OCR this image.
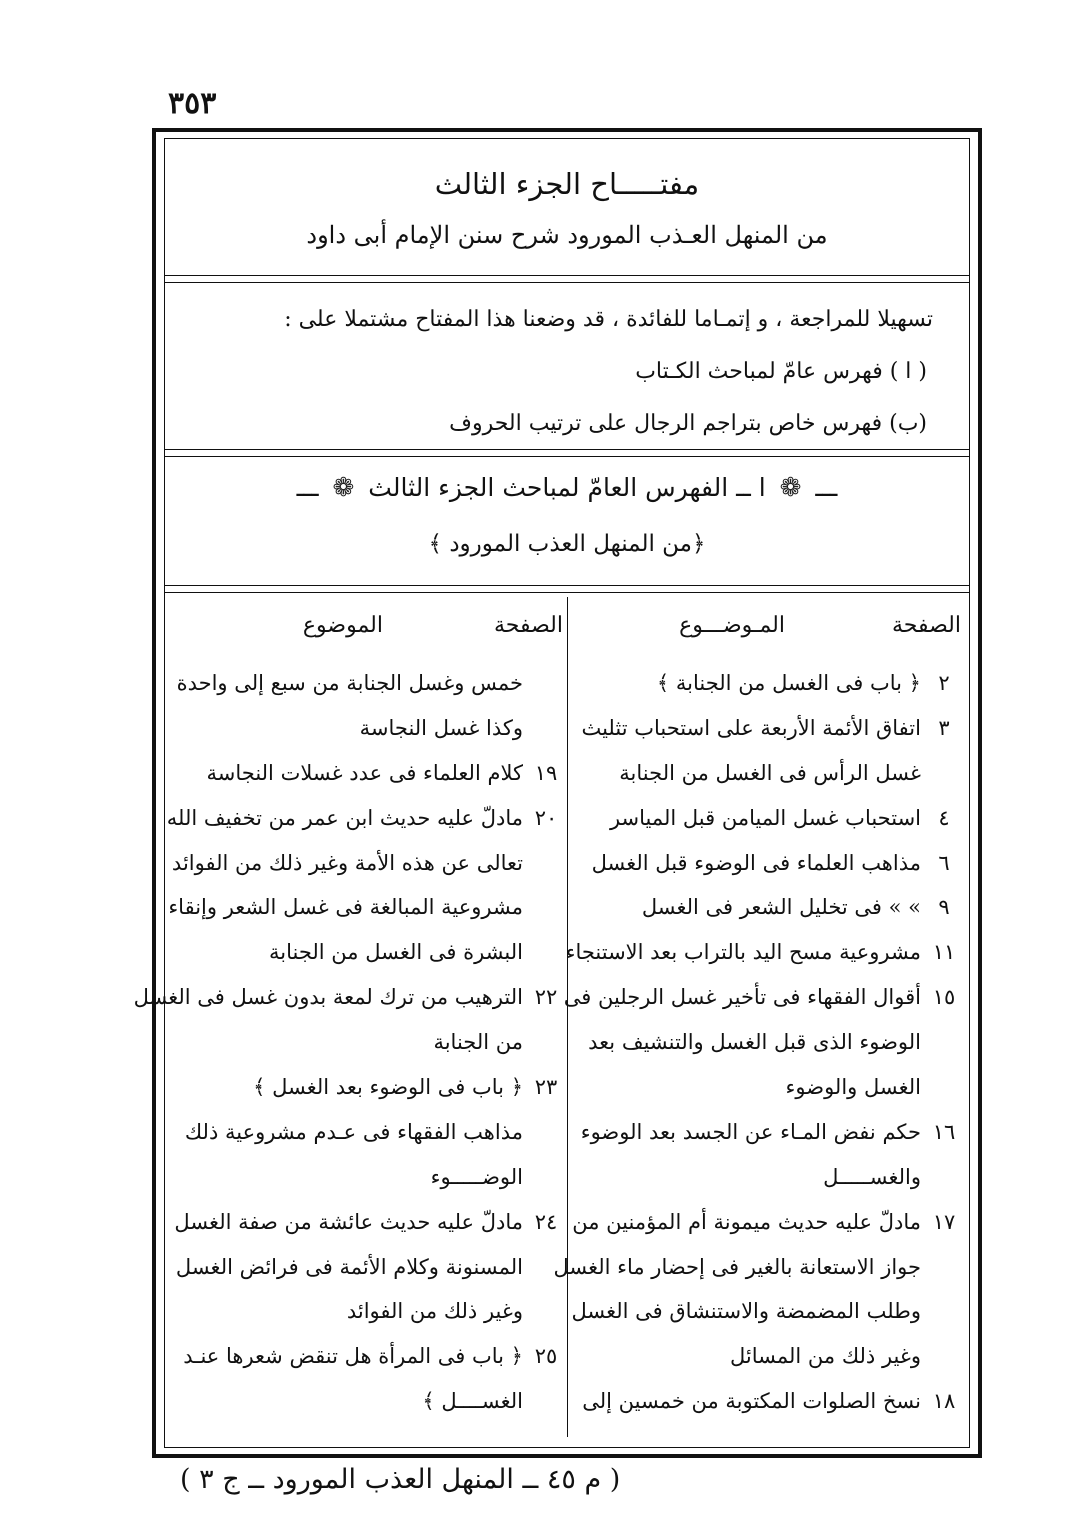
٣٥٣
مفتـــــاح الجزء الثالث
من المنهل العـذب المورود شرح سنن الإمام أبى داود
تسهيلا للمراجعة ، و إتمـاما للفائدة ، قد وضعنا هذا المفتاح مشتملا على :
( ا ) فهرس عامّ لمباحث الكـتاب
(ب) فهرس خاص بتراجم الرجال على ترتيب الحروف
ـــ ❁ ا ــ الفهرس العامّ لمباحث الجزء الثالث ❁ ـــ
﴿من المنهل العذب المورود ﴾
الصفحة
المـوضـــوع
الصفحة
الموضوع
٢
﴿ باب فى الغسل من الجنابة ﴾
٣
اتفاق الأئمة الأربعة على استحباب تثليث
غسل الرأس فى الغسل من الجنابة
٤
استحباب غسل الميامن قبل المياسر
٦
مذاهب العلماء فى الوضوء قبل الغسل
٩
» » فى تخليل الشعر فى الغسل
١١
مشروعية مسح اليد بالتراب بعد الاستنجاء
١٥
أقوال الفقهاء فى تأخير غسل الرجلين فى
الوضوء الذى قبل الغسل والتنشيف بعد
الغسل والوضوء
١٦
حكم نفض المـاء عن الجسد بعد الوضوء
والغســـــل
١٧
مادلّ عليه حديث ميمونة أم المؤمنين من
جواز الاستعانة بالغير فى إحضار ماء الغسل
وطلب المضمضة والاستنشاق فى الغسل
وغير ذلك من المسائل
١٨
نسخ الصلوات المكتوبة من خمسين إلى
خمس وغسل الجنابة من سبع إلى واحدة
وكذا غسل النجاسة
١٩
كلام العلماء فى عدد غسلات النجاسة
٢٠
مادلّ عليه حديث ابن عمر من تخفيف الله
تعالى عن هذه الأمة وغير ذلك من الفوائد
مشروعية المبالغة فى غسل الشعر وإنقاء
البشرة فى الغسل من الجنابة
٢٢
الترهيب من ترك لمعة بدون غسل فى الغسل
من الجنابة
٢٣
﴿ باب فى الوضوء بعد الغسل ﴾
مذاهب الفقهاء فى عـدم مشروعية ذلك
الوضـــــوء
٢٤
مادلّ عليه حديث عائشة من صفة الغسل
المسنونة وكلام الأئمة فى فرائض الغسل
وغير ذلك من الفوائد
٢٥
﴿ باب فى المرأة هل تنقض شعرها عنـد
الغســــل ﴾
( م ٤٥ ــ المنهل العذب المورود ــ ج ٣ )
